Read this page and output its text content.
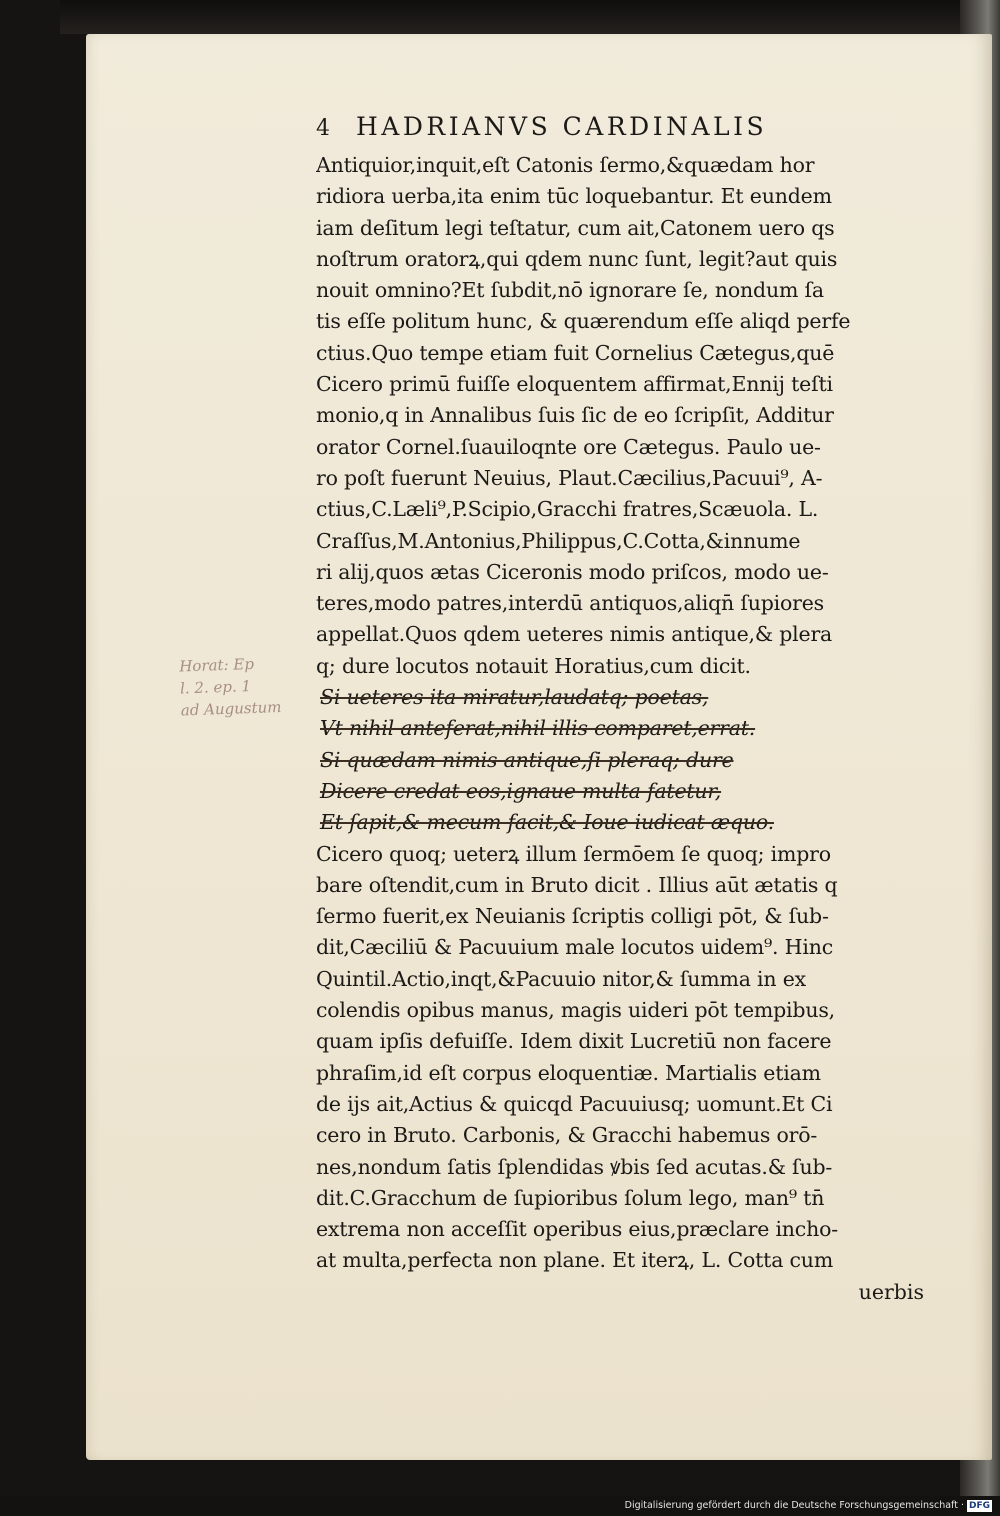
Horat: Ep
l. 2. ep. 1
ad Augustum
4 HADRIANVS CARDINALIS
Antiquior,inquit,eſt Catonis ſermo,&quædam hor
ridiora uerba,ita enim tūc loquebantur. Et eundem
iam deſitum legi teſtatur, cum ait,Catonem uero qs
noſtrum oratorꝝ,qui qdem nunc ſunt, legit?aut quis
nouit omnino?Et ſubdit,nō ignorare ſe, nondum ſa
tis eſſe politum hunc, & quærendum eſſe aliqd perfe
ctius.Quo tempe etiam fuit Cornelius Cætegus,quē
Cicero primū fuiſſe eloquentem affirmat,Ennij teſti
monio,q in Annalibus ſuis ſic de eo ſcripſit, Additur
orator Cornel.ſuauiloqnte ore Cætegus. Paulo ue-
ro poſt fuerunt Neuius, Plaut.Cæcilius,Pacuui⁹, A-
ctius,C.Læli⁹,P.Scipio,Gracchi fratres,Scæuola. L.
Craſſus,M.Antonius,Philippus,C.Cotta,&innume
ri alij,quos ætas Ciceronis modo priſcos, modo ue-
teres,modo patres,interdū antiquos,aliqn̄ ſupiores
appellat.Quos qdem ueteres nimis antique,& plera
q; dure locutos notauit Horatius,cum dicit.
Si ueteres ita miratur,laudatq; poetas,
Vt nihil anteferat,nihil illis comparet,errat.
Si quædam nimis antique,ſi pleraq; dure
Dicere credat eos,ignaue multa fatetur,
Et ſapit,& mecum facit,& Ioue iudicat æquo.
Cicero quoq; ueterꝝ illum ſermōem ſe quoq; impro
bare oſtendit,cum in Bruto dicit . Illius aūt ætatis q
ſermo fuerit,ex Neuianis ſcriptis colligi pōt, & ſub-
dit,Cæciliū & Pacuuium male locutos uidem⁹. Hinc
Quintil.Actio,inqt,&Pacuuio nitor,& ſumma in ex
colendis opibus manus, magis uideri pōt tempibus,
quam ipſis defuiſſe. Idem dixit Lucretiū non facere
phraſim,id eſt corpus eloquentiæ. Martialis etiam
de ijs ait,Actius & quicqd Pacuuiusq; uomunt.Et Ci
cero in Bruto. Carbonis, & Gracchi habemus orō-
nes,nondum ſatis ſplendidas ꝟbis ſed acutas.& ſub-
dit.C.Gracchum de ſupioribus ſolum lego, man⁹ tn̄
extrema non acceſſit operibus eius,præclare incho-
at multa,perfecta non plane. Et iterꝝ, L. Cotta cum
uerbis
Digitalisierung gefördert durch die Deutsche Forschungsgemeinschaft · DFG
